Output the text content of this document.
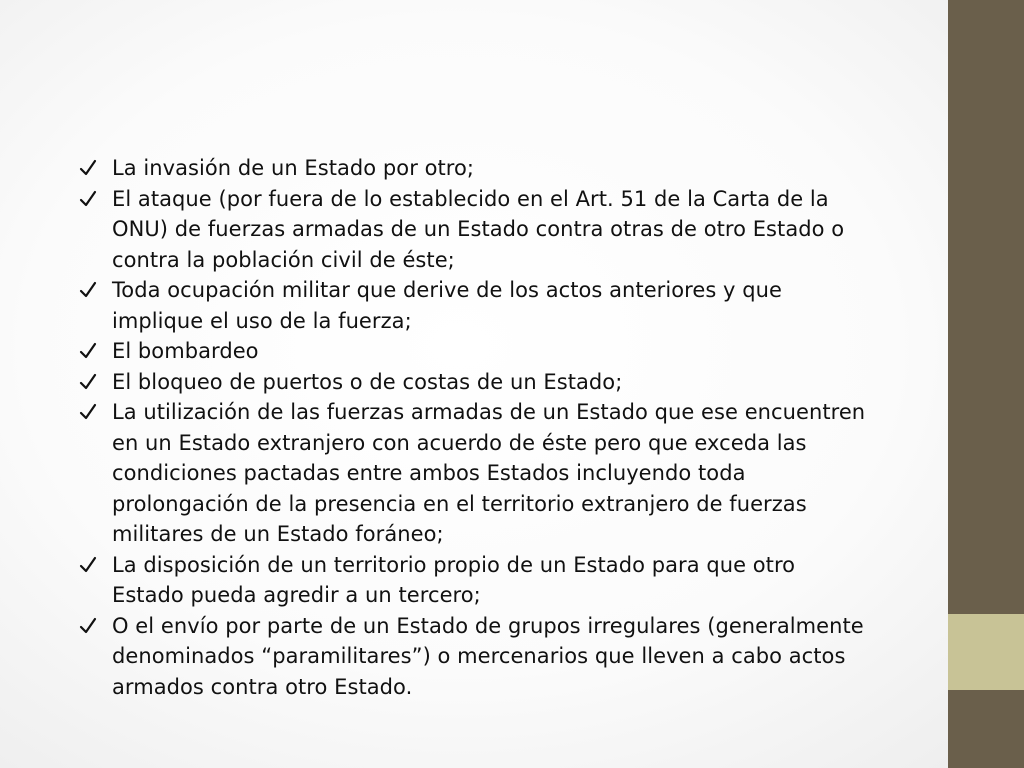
La invasión de un Estado por otro;
El ataque (por fuera de lo establecido en el Art. 51 de la Carta de la
ONU) de fuerzas armadas de un Estado contra otras de otro Estado o
contra la población civil de éste;
Toda ocupación militar que derive de los actos anteriores y que
implique el uso de la fuerza;
El bombardeo
El bloqueo de puertos o de costas de un Estado;
La utilización de las fuerzas armadas de un Estado que ese encuentren
en un Estado extranjero con acuerdo de éste pero que exceda las
condiciones pactadas entre ambos Estados incluyendo toda
prolongación de la presencia en el territorio extranjero de fuerzas
militares de un Estado foráneo;
La disposición de un territorio propio de un Estado para que otro
Estado pueda agredir a un tercero;
O el envío por parte de un Estado de grupos irregulares (generalmente
denominados “paramilitares”) o mercenarios que lleven a cabo actos
armados contra otro Estado.
